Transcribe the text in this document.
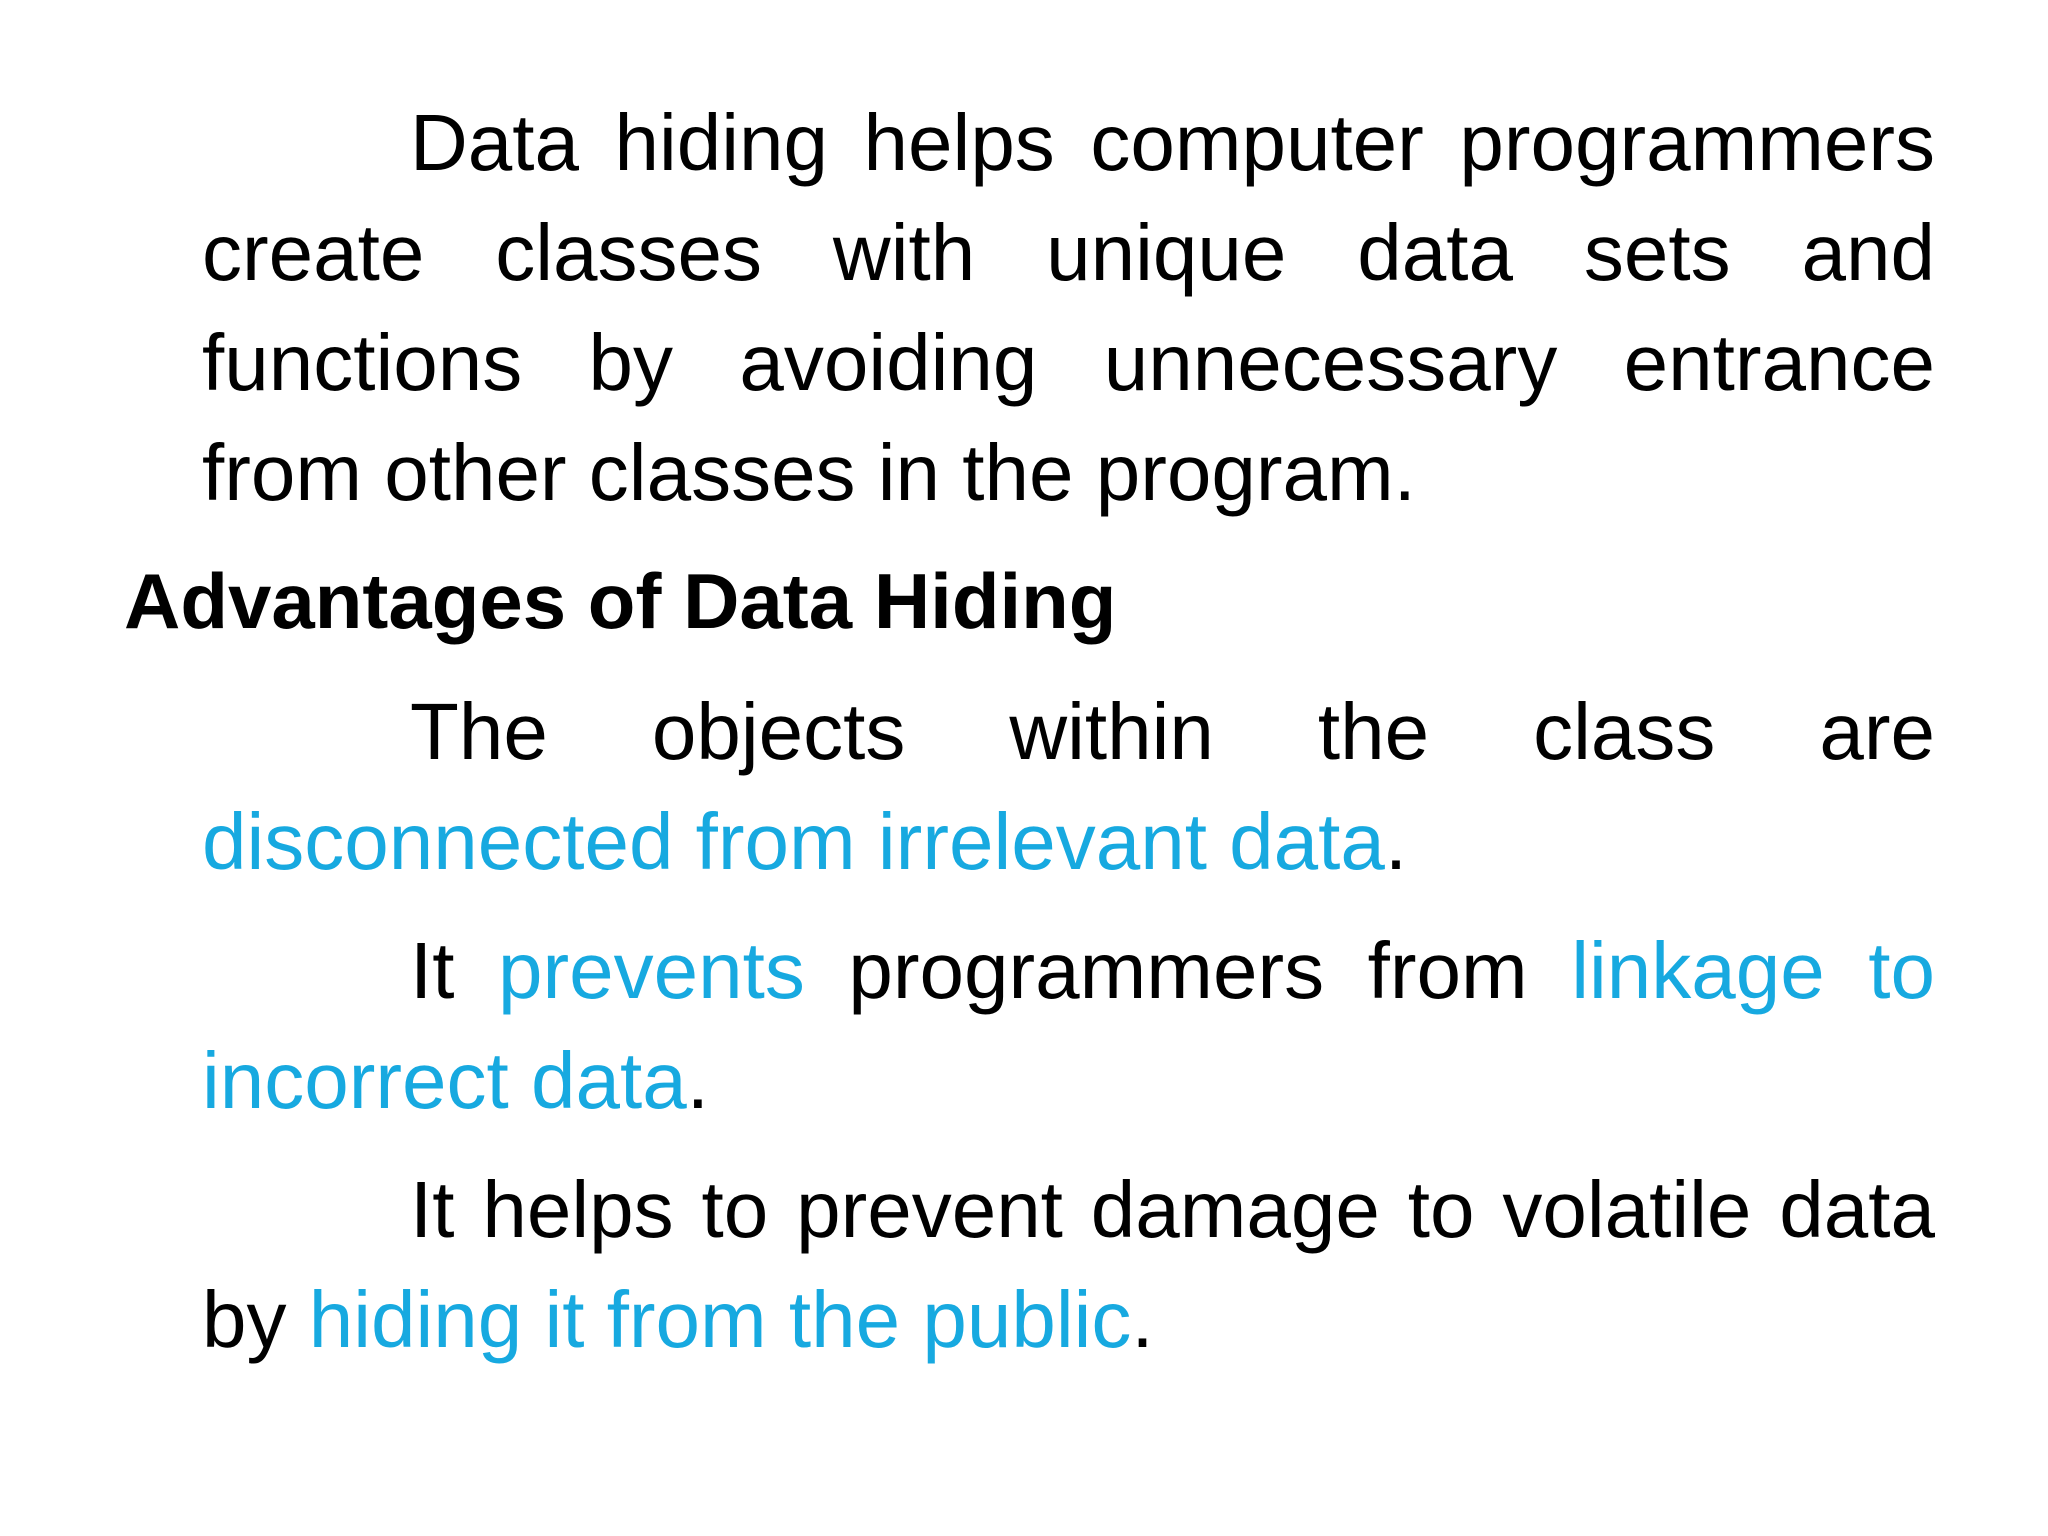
Data hiding helps computer programmers create classes with unique data sets and functions by avoiding unnecessary entrance from other classes in the program.

Advantages of Data Hiding

The objects within the class are disconnected from irrelevant data.

It prevents programmers from linkage to incorrect data.

It helps to prevent damage to volatile data by hiding it from the public.
